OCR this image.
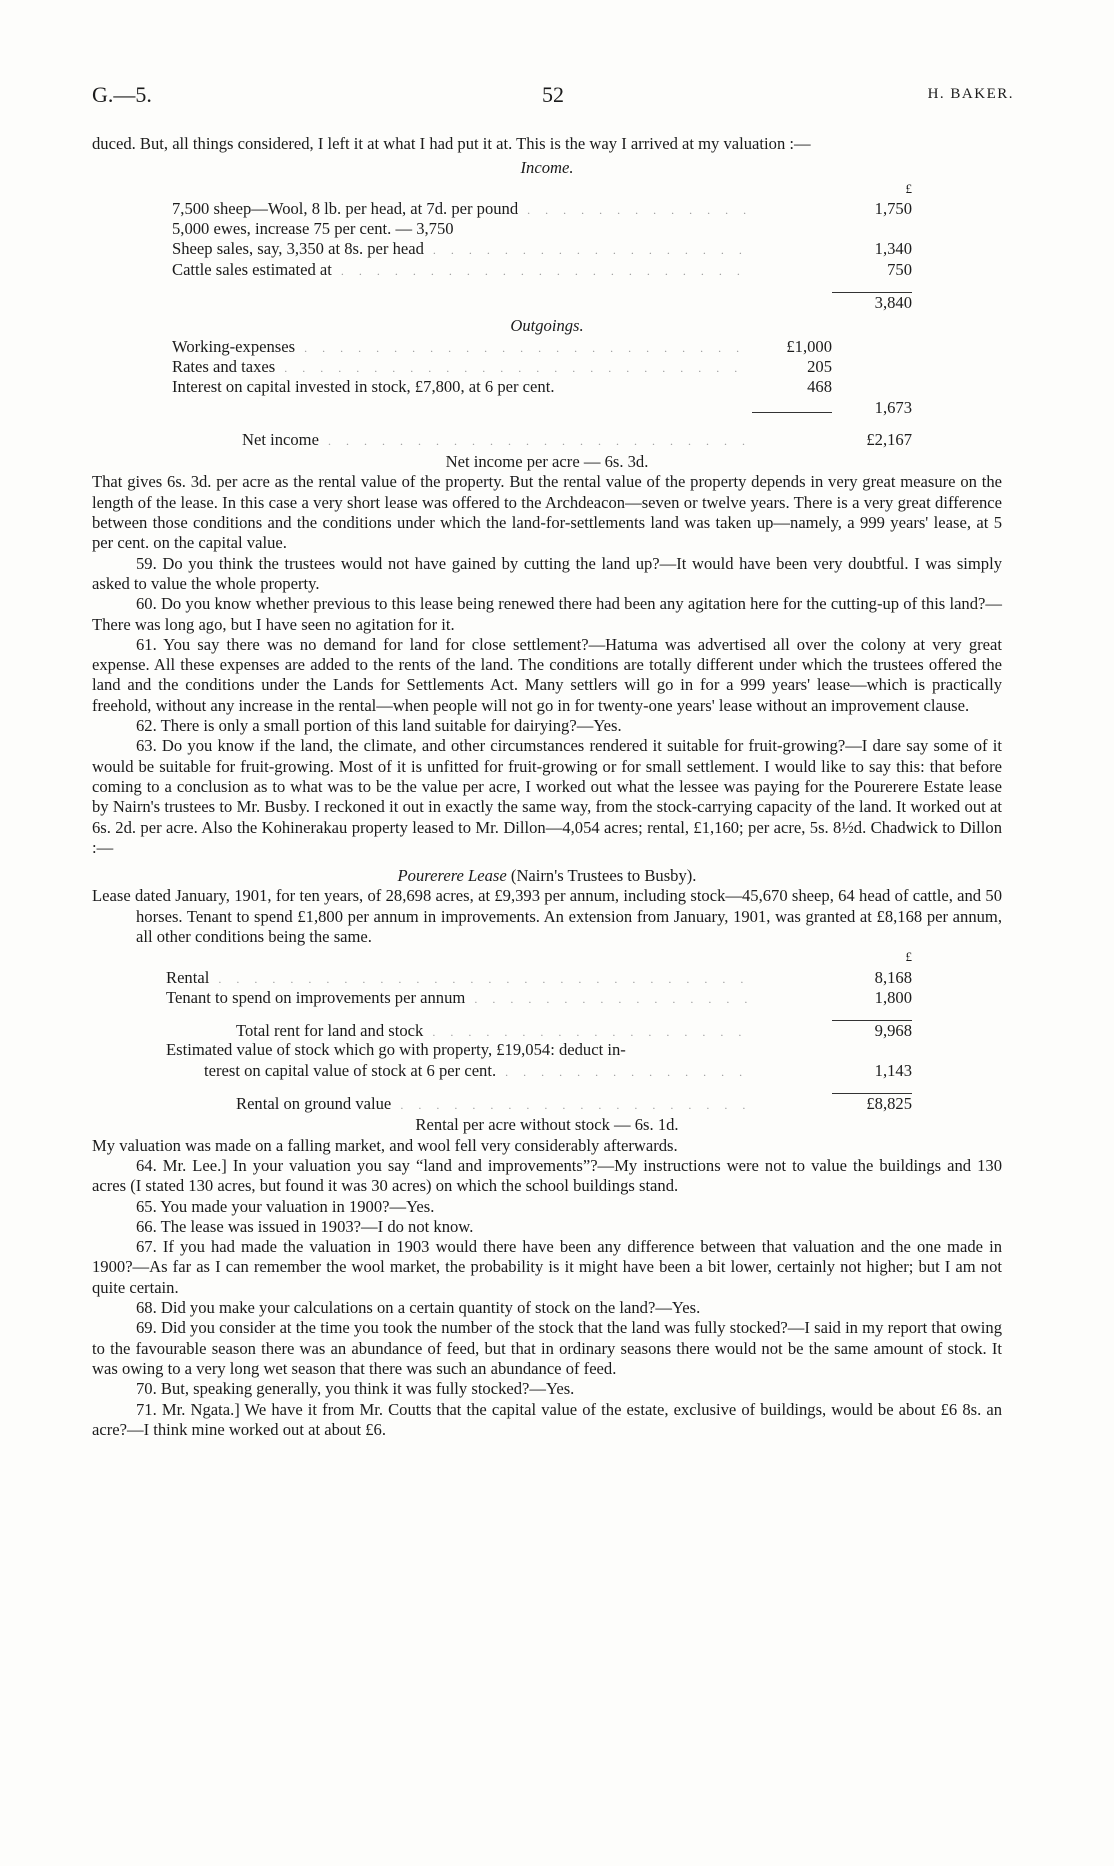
G.—5.	52	H. BAKER.

duced. But, all things considered, I left it at what I had put it at. This is the way I arrived at my valuation :—

Income.
£
7,500 sheep—Wool, 8 lb. per head, at 7d. per pound . . .	1,750
5,000 ewes, increase 75 per cent. — 3,750
Sheep sales, say, 3,350 at 8s. per head . . .	1,340
Cattle sales estimated at . . .	750
3,840
Outgoings.
Working-expenses . . .	£1,000
Rates and taxes . . .	205
Interest on capital invested in stock, £7,800, at 6 per cent.	468
1,673
Net income . . .	£2,167
Net income per acre — 6s. 3d.

That gives 6s. 3d. per acre as the rental value of the property. But the rental value of the property depends in very great measure on the length of the lease. In this case a very short lease was offered to the Archdeacon—seven or twelve years. There is a very great difference between those conditions and the conditions under which the land-for-settlements land was taken up—namely, a 999 years' lease, at 5 per cent. on the capital value.

59. Do you think the trustees would not have gained by cutting the land up?—It would have been very doubtful. I was simply asked to value the whole property.

60. Do you know whether previous to this lease being renewed there had been any agitation here for the cutting-up of this land?—There was long ago, but I have seen no agitation for it.

61. You say there was no demand for land for close settlement?—Hatuma was advertised all over the colony at very great expense. All these expenses are added to the rents of the land. The conditions are totally different under which the trustees offered the land and the conditions under the Lands for Settlements Act. Many settlers will go in for a 999 years' lease—which is practically freehold, without any increase in the rental—when people will not go in for twenty-one years' lease without an improvement clause.

62. There is only a small portion of this land suitable for dairying?—Yes.

63. Do you know if the land, the climate, and other circumstances rendered it suitable for fruit-growing?—I dare say some of it would be suitable for fruit-growing. Most of it is unfitted for fruit-growing or for small settlement. I would like to say this: that before coming to a conclusion as to what was to be the value per acre, I worked out what the lessee was paying for the Pourerere Estate lease by Nairn's trustees to Mr. Busby. I reckoned it out in exactly the same way, from the stock-carrying capacity of the land. It worked out at 6s. 2d. per acre. Also the Kohinerakau property leased to Mr. Dillon—4,054 acres; rental, £1,160; per acre, 5s. 8½d. Chadwick to Dillon :—

Pourerere Lease (Nairn's Trustees to Busby).

Lease dated January, 1901, for ten years, of 28,698 acres, at £9,393 per annum, including stock—45,670 sheep, 64 head of cattle, and 50 horses. Tenant to spend £1,800 per annum in improvements. An extension from January, 1901, was granted at £8,168 per annum, all other conditions being the same.

£
Rental . . .	8,168
Tenant to spend on improvements per annum . . .	1,800
Total rent for land and stock . . .	9,968
Estimated value of stock which go with property, £19,054: deduct in-
terest on capital value of stock at 6 per cent. . . .	1,143
Rental on ground value . . .	£8,825
Rental per acre without stock — 6s. 1d.

My valuation was made on a falling market, and wool fell very considerably afterwards.

64. Mr. Lee.] In your valuation you say “land and improvements”?—My instructions were not to value the buildings and 130 acres (I stated 130 acres, but found it was 30 acres) on which the school buildings stand.

65. You made your valuation in 1900?—Yes.

66. The lease was issued in 1903?—I do not know.

67. If you had made the valuation in 1903 would there have been any difference between that valuation and the one made in 1900?—As far as I can remember the wool market, the probability is it might have been a bit lower, certainly not higher; but I am not quite certain.

68. Did you make your calculations on a certain quantity of stock on the land?—Yes.

69. Did you consider at the time you took the number of the stock that the land was fully stocked?—I said in my report that owing to the favourable season there was an abundance of feed, but that in ordinary seasons there would not be the same amount of stock. It was owing to a very long wet season that there was such an abundance of feed.

70. But, speaking generally, you think it was fully stocked?—Yes.

71. Mr. Ngata.] We have it from Mr. Coutts that the capital value of the estate, exclusive of buildings, would be about £6 8s. an acre?—I think mine worked out at about £6.
